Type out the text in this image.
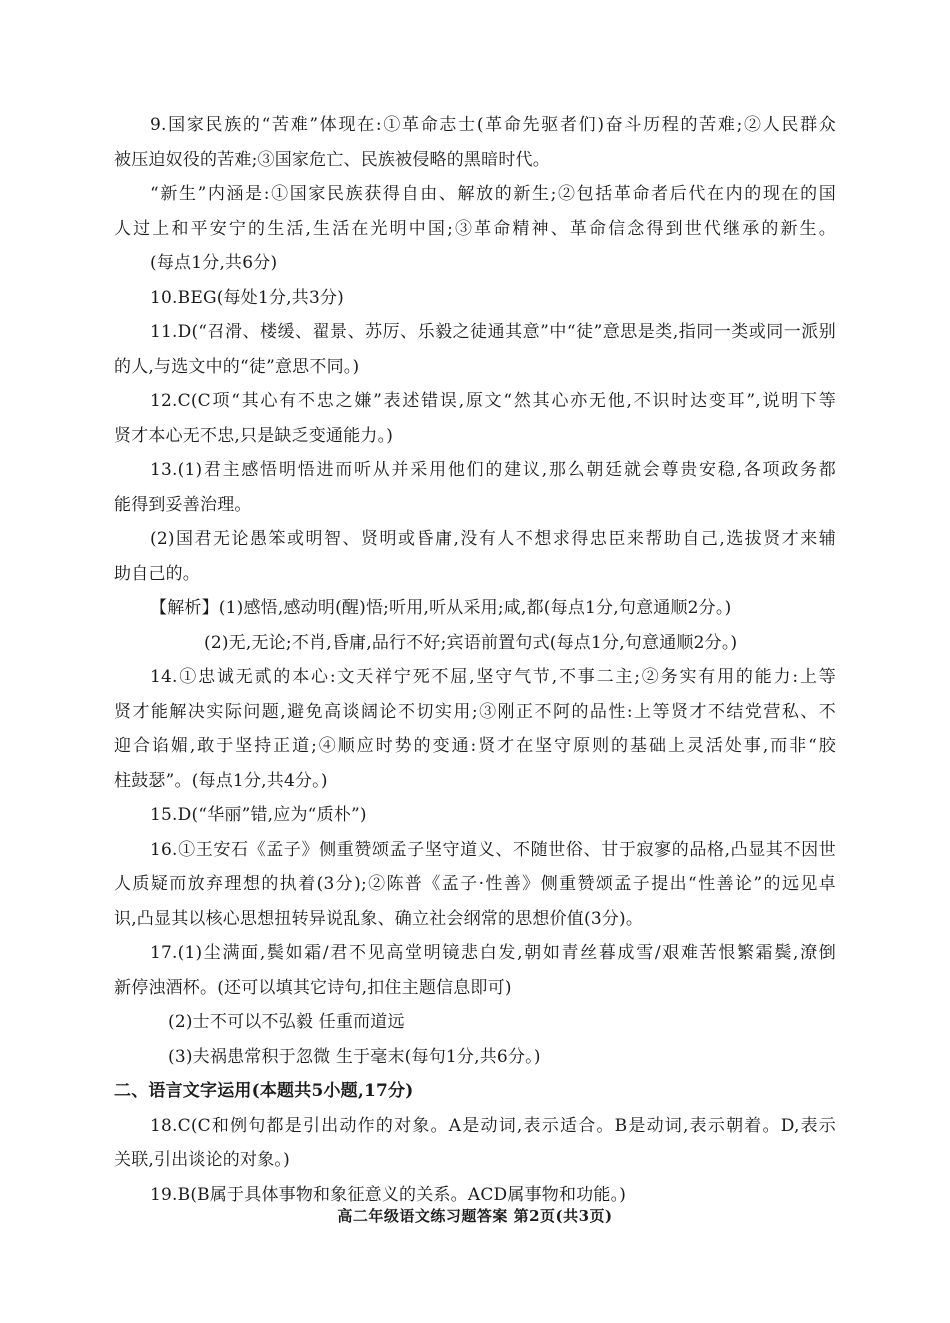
9.国家民族的“苦难”体现在:①革命志士(革命先驱者们)奋斗历程的苦难;②人民群众
被压迫奴役的苦难;③国家危亡、民族被侵略的黑暗时代。
“新生”内涵是:①国家民族获得自由、解放的新生;②包括革命者后代在内的现在的国
人过上和平安宁的生活,生活在光明中国;③革命精神、革命信念得到世代继承的新生。
(每点1分,共6分)
10.BEG(每处1分,共3分)
11.D(“召滑、楼缓、翟景、苏厉、乐毅之徒通其意”中“徒”意思是类,指同一类或同一派别
的人,与选文中的“徒”意思不同。)
12.C(C项“其心有不忠之嫌”表述错误,原文“然其心亦无他,不识时达变耳”,说明下等
贤才本心无不忠,只是缺乏变通能力。)
13.(1)君主感悟明悟进而听从并采用他们的建议,那么朝廷就会尊贵安稳,各项政务都
能得到妥善治理。
(2)国君无论愚笨或明智、贤明或昏庸,没有人不想求得忠臣来帮助自己,选拔贤才来辅
助自己的。
【解析】(1)感悟,感动明(醒)悟;听用,听从采用;咸,都(每点1分,句意通顺2分。)
(2)无,无论;不肖,昏庸,品行不好;宾语前置句式(每点1分,句意通顺2分。)
14.①忠诚无贰的本心:文天祥宁死不屈,坚守气节,不事二主;②务实有用的能力:上等
贤才能解决实际问题,避免高谈阔论不切实用;③刚正不阿的品性:上等贤才不结党营私、不
迎合谄媚,敢于坚持正道;④顺应时势的变通:贤才在坚守原则的基础上灵活处事,而非“胶
柱鼓瑟”。(每点1分,共4分。)
15.D(“华丽”错,应为“质朴”)
16.①王安石《孟子》侧重赞颂孟子坚守道义、不随世俗、甘于寂寥的品格,凸显其不因世
人质疑而放弃理想的执着(3分);②陈普《孟子·性善》侧重赞颂孟子提出“性善论”的远见卓
识,凸显其以核心思想扭转异说乱象、确立社会纲常的思想价值(3分)。
17.(1)尘满面,鬓如霜/君不见高堂明镜悲白发,朝如青丝暮成雪/艰难苦恨繁霜鬓,潦倒
新停浊酒杯。(还可以填其它诗句,扣住主题信息即可)
(2)士不可以不弘毅 任重而道远
(3)夫祸患常积于忽微 生于毫末(每句1分,共6分。)
二、语言文字运用(本题共5小题,17分)
18.C(C和例句都是引出动作的对象。A是动词,表示适合。B是动词,表示朝着。D,表示
关联,引出谈论的对象。)
19.B(B属于具体事物和象征意义的关系。ACD属事物和功能。)
高二年级语文练习题答案 第2页(共3页)
